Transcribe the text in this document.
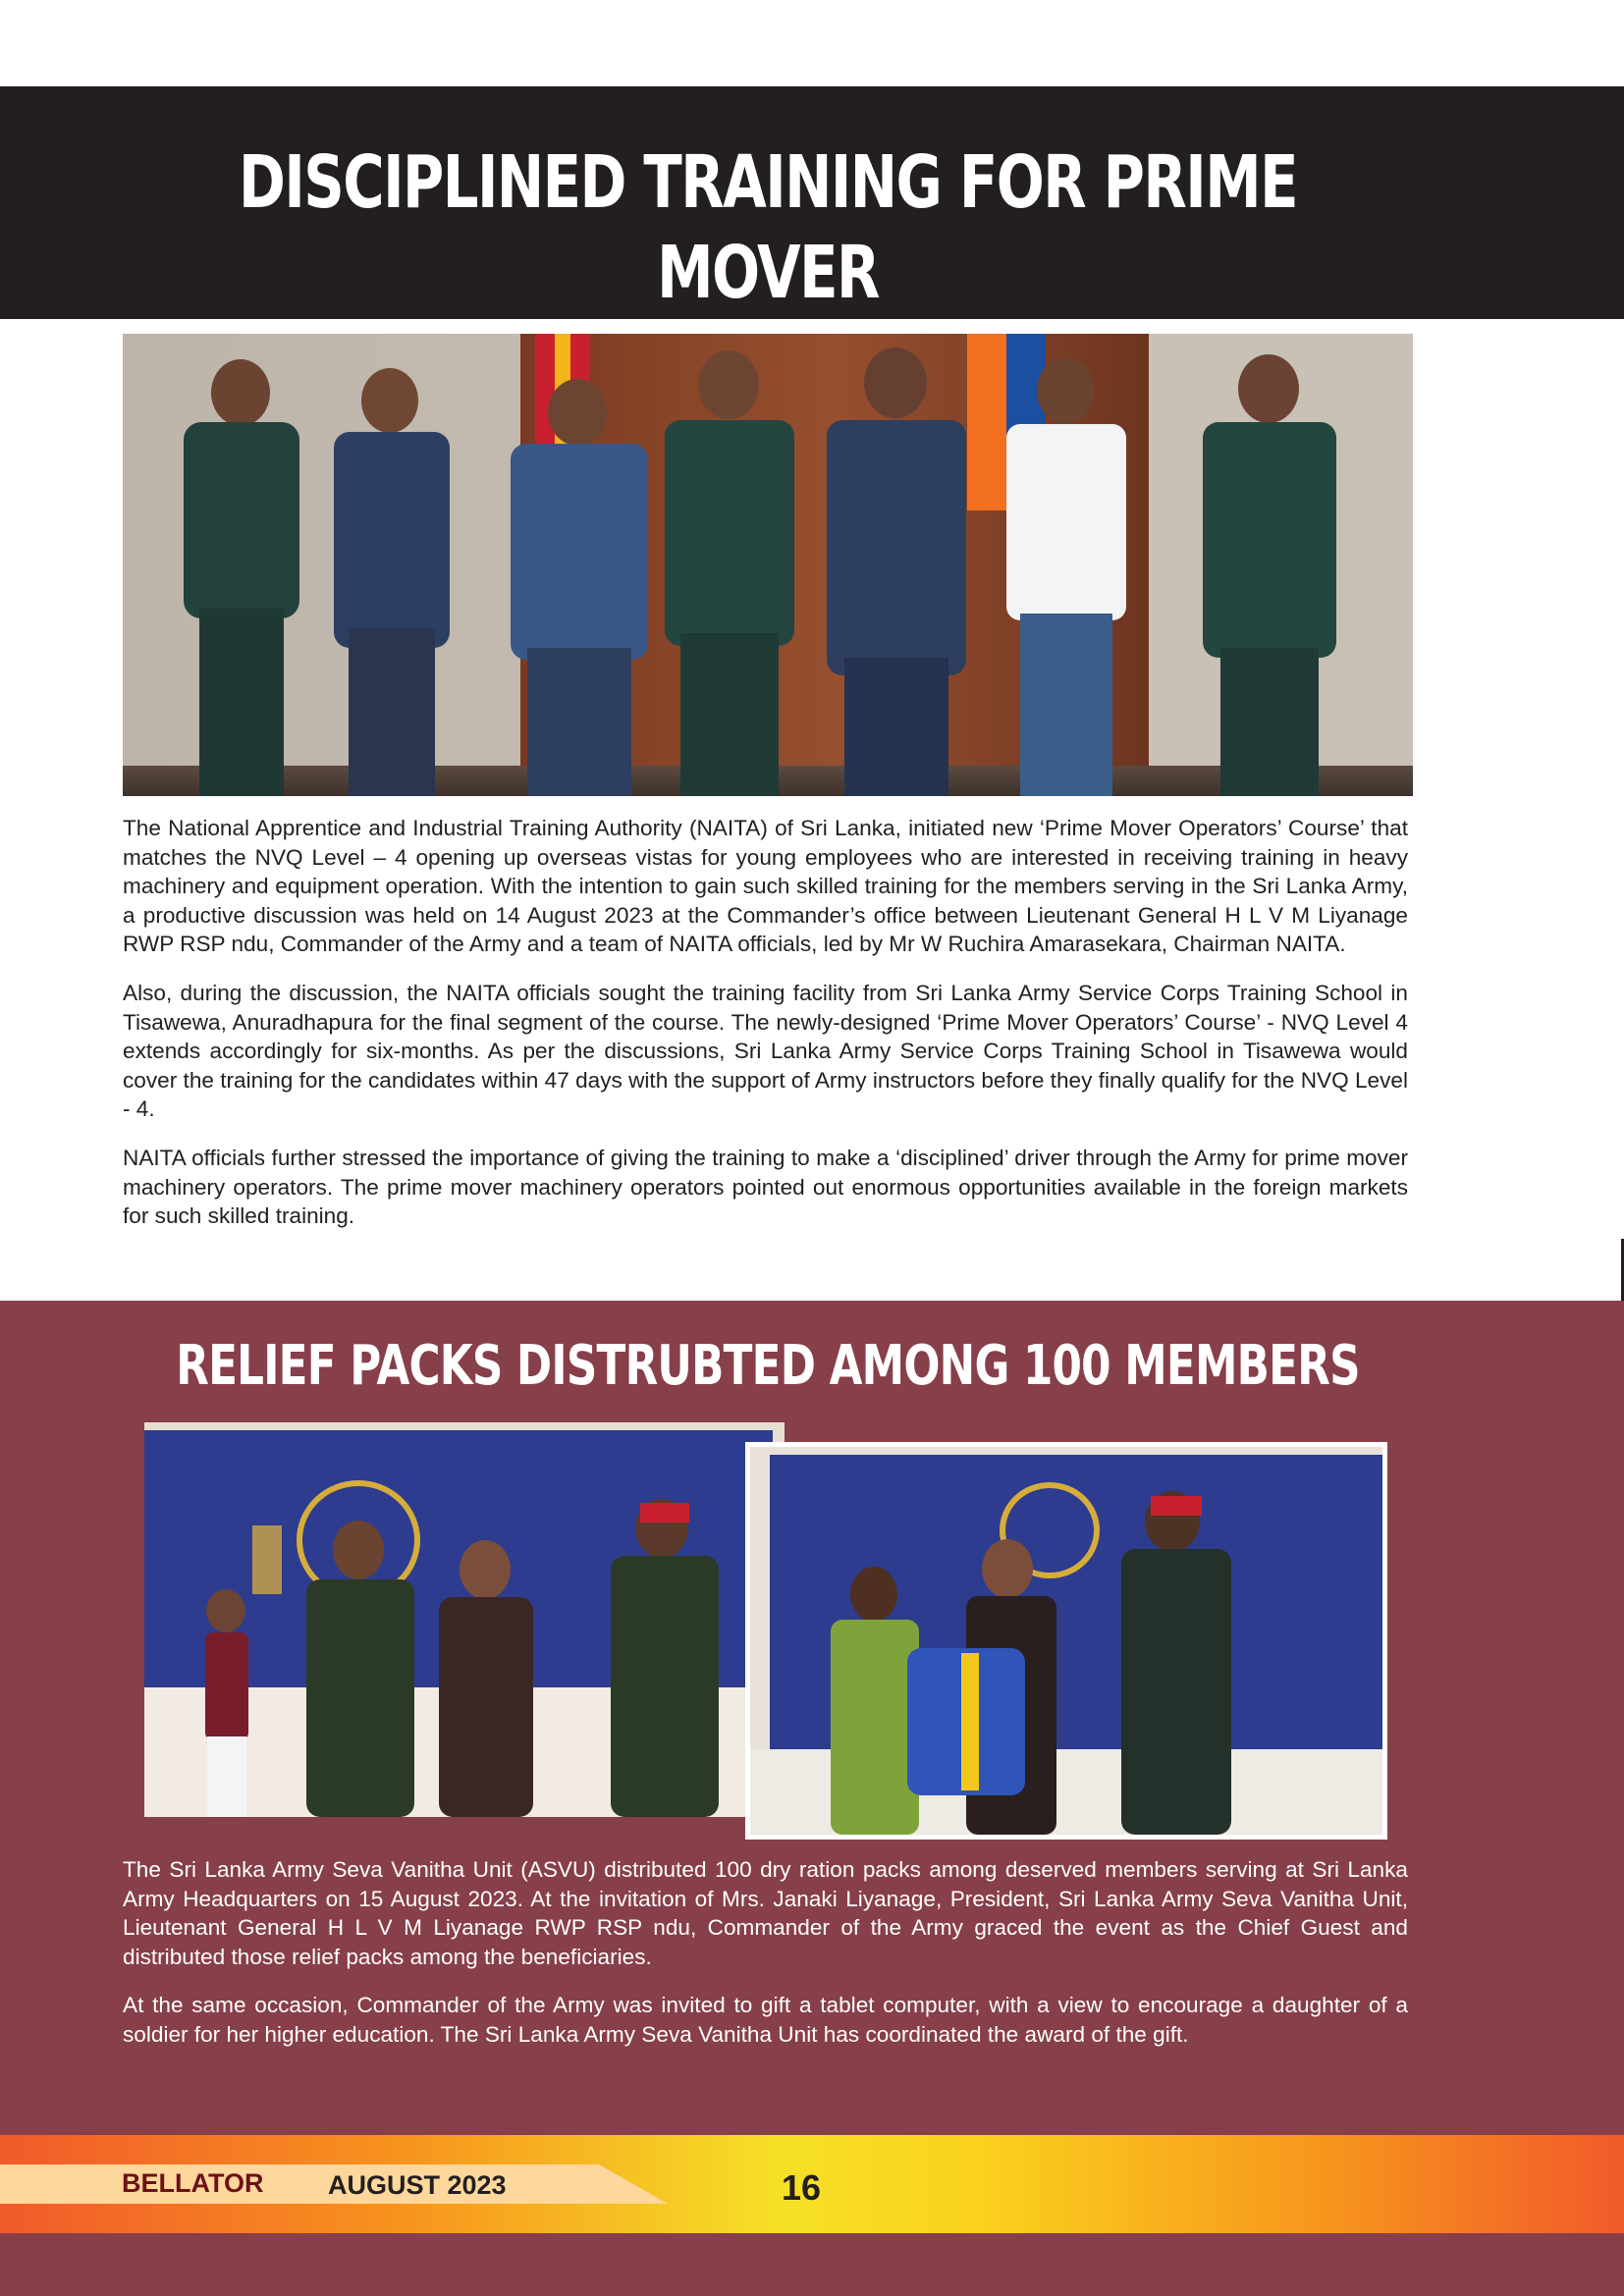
DISCIPLINED TRAINING FOR PRIME MOVER

The National Apprentice and Industrial Training Authority (NAITA) of Sri Lanka, initiated new ‘Prime Mover Operators’ Course’ that matches the NVQ Level – 4 opening up overseas vistas for young employees who are interested in receiving training in heavy machinery and equipment operation. With the intention to gain such skilled training for the members serving in the Sri Lanka Army, a productive discussion was held on 14 August 2023 at the Commander’s office between Lieutenant General H L V M Liyanage RWP RSP ndu, Commander of the Army and a team of NAITA officials, led by Mr W Ruchira Amarasekara, Chairman NAITA.

Also, during the discussion, the NAITA officials sought the training facility from Sri Lanka Army Service Corps Training School in Tisawewa, Anuradhapura for the final segment of the course. The newly-designed ‘Prime Mover Operators’ Course’ - NVQ Level 4 extends accordingly for six-months. As per the discussions, Sri Lanka Army Service Corps Training School in Tisawewa would cover the training for the candidates within 47 days with the support of Army instructors before they finally qualify for the NVQ Level - 4.

NAITA officials further stressed the importance of giving the training to make a ‘disciplined’ driver through the Army for prime mover machinery operators. The prime mover machinery operators pointed out enormous opportunities available in the foreign markets for such skilled training.

RELIEF PACKS DISTRUBTED AMONG 100 MEMBERS

The Sri Lanka Army Seva Vanitha Unit (ASVU) distributed 100 dry ration packs among deserved members serving at Sri Lanka Army Headquarters on 15 August 2023. At the invitation of Mrs. Janaki Liyanage, President, Sri Lanka Army Seva Vanitha Unit, Lieutenant General H L V M Liyanage RWP RSP ndu, Commander of the Army graced the event as the Chief Guest and distributed those relief packs among the beneficiaries.

At the same occasion, Commander of the Army was invited to gift a tablet computer, with a view to encourage a daughter of a soldier for her higher education. The Sri Lanka Army Seva Vanitha Unit has coordinated the award of the gift.

BELLATOR AUGUST 2023	16
